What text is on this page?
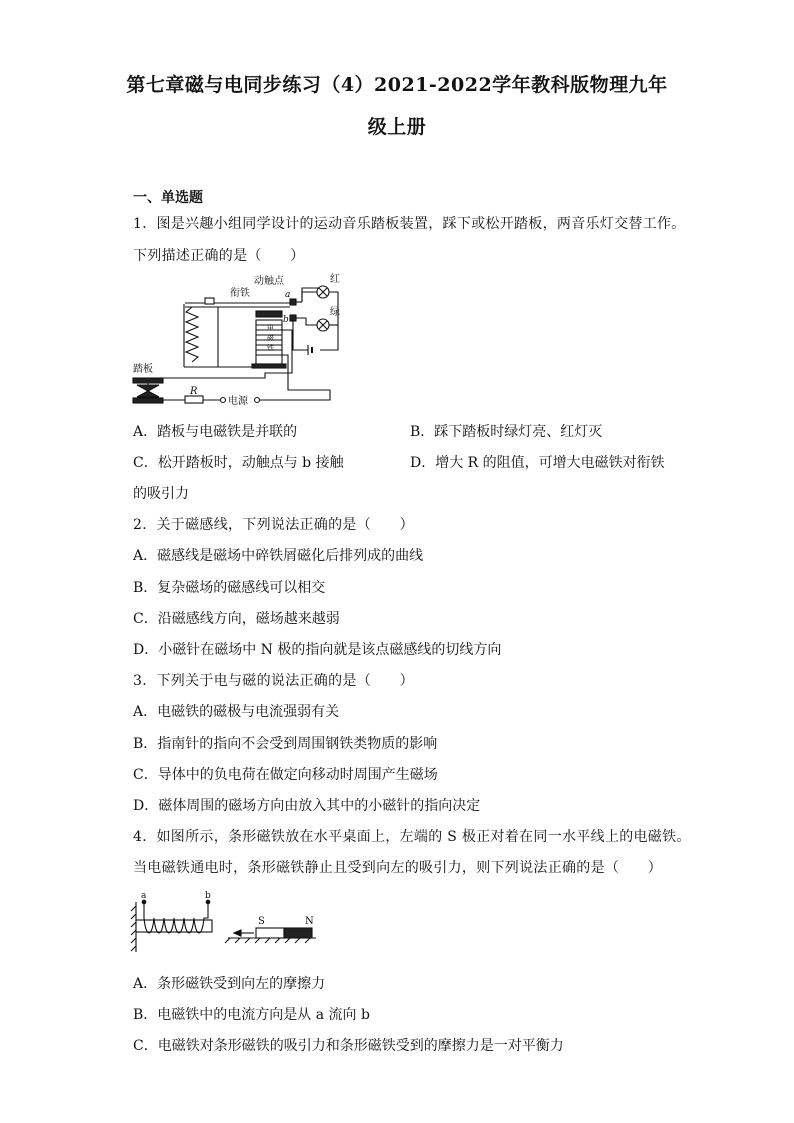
第七章磁与电同步练习（4）2021-2022学年教科版物理九年
级上册
一、单选题
1．图是兴趣小组同学设计的运动音乐踏板装置，踩下或松开踏板，两音乐灯交替工作。
下列描述正确的是（　　）
动触点
衔铁
红
绿
踏板
R
电源
a
b
电
磁
铁
A．踏板与电磁铁是并联的	B．踩下踏板时绿灯亮、红灯灭
C．松开踏板时，动触点与 b 接触	D．增大 R 的阻值，可增大电磁铁对衔铁
的吸引力
2．关于磁感线，下列说法正确的是（　　）
A．磁感线是磁场中碎铁屑磁化后排列成的曲线
B．复杂磁场的磁感线可以相交
C．沿磁感线方向，磁场越来越弱
D．小磁针在磁场中 N 极的指向就是该点磁感线的切线方向
3．下列关于电与磁的说法正确的是（　　）
A．电磁铁的磁极与电流强弱有关
B．指南针的指向不会受到周围钢铁类物质的影响
C．导体中的负电荷在做定向移动时周围产生磁场
D．磁体周围的磁场方向由放入其中的小磁针的指向决定
4．如图所示，条形磁铁放在水平桌面上，左端的 S 极正对着在同一水平线上的电磁铁。
当电磁铁通电时，条形磁铁静止且受到向左的吸引力，则下列说法正确的是（　　）
a	b
S	N
A．条形磁铁受到向左的摩擦力
B．电磁铁中的电流方向是从 a 流向 b
C．电磁铁对条形磁铁的吸引力和条形磁铁受到的摩擦力是一对平衡力
